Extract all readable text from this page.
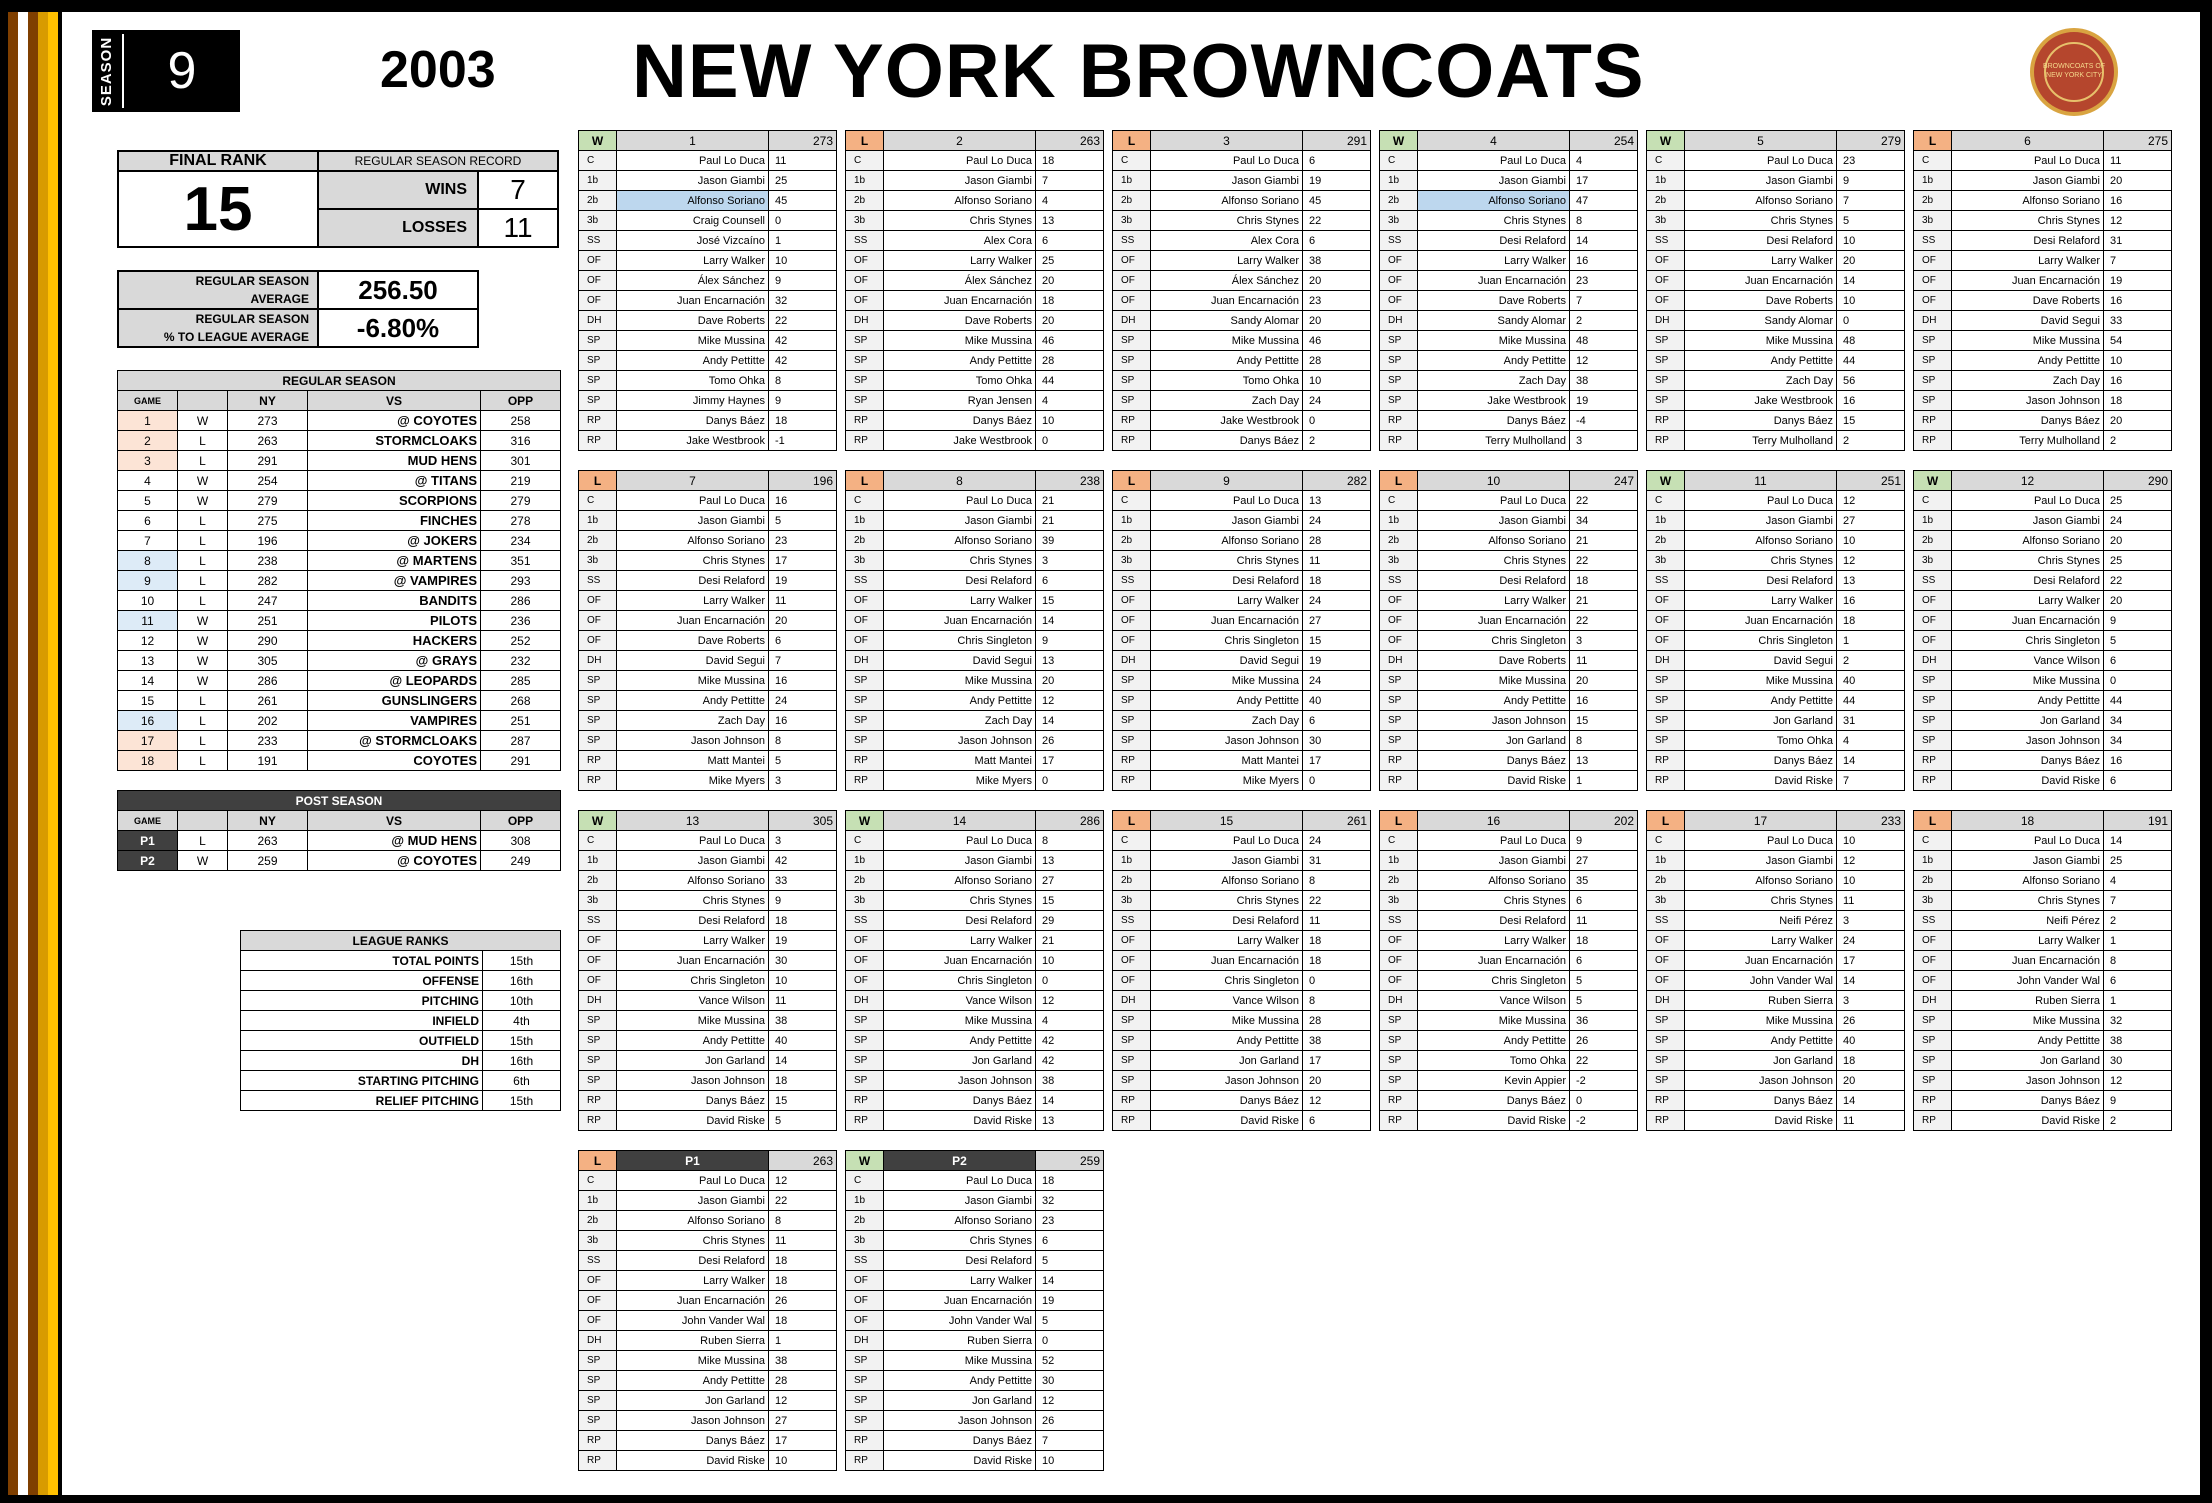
SEASON	9	2003 NEW YORK BROWNCOATS	BROWNCOATS OF NEW YORK CITY
FINAL RANK	REGULAR SEASON RECORD	
15	WINS	7
	LOSSES	11
REGULAR SEASON
AVERAGE	256.50

REGULAR SEASON
% TO LEAGUE AVERAGE	-6.80%
REGULAR SEASON				
GAME		NY	VS	OPP
1	W	273	@ COYOTES	258
2	L	263	STORMCLOAKS	316
3	L	291	MUD HENS	301
4	W	254	@ TITANS	219
5	W	279	SCORPIONS	279
6	L	275	FINCHES	278
7	L	196	@ JOKERS	234
8	L	238	@ MARTENS	351
9	L	282	@ VAMPIRES	293
10	L	247	BANDITS	286
11	W	251	PILOTS	236
12	W	290	HACKERS	252
13	W	305	@ GRAYS	232
14	W	286	@ LEOPARDS	285
15	L	261	GUNSLINGERS	268
16	L	202	VAMPIRES	251
17	L	233	@ STORMCLOAKS	287
18	L	191	COYOTES	291
POST SEASON				
GAME		NY	VS	OPP
P1	L	263	@ MUD HENS	308
P2	W	259	@ COYOTES	249
LEAGUE RANKS	
TOTAL POINTS	15th
OFFENSE	16th
PITCHING	10th
INFIELD	4th
OUTFIELD	15th
DH	16th
STARTING PITCHING	6th
RELIEF PITCHING	15th
W	1	273
C	Paul Lo Duca	11
1b	Jason Giambi	25
2b	Alfonso Soriano	45
3b	Craig Counsell	0
SS	José Vizcaíno	1
OF	Larry Walker	10
OF	Álex Sánchez	9
OF	Juan Encarnación	32
DH	Dave Roberts	22
SP	Mike Mussina	42
SP	Andy Pettitte	42
SP	Tomo Ohka	8
SP	Jimmy Haynes	9
RP	Danys Báez	18
RP	Jake Westbrook	-1
L	2	263
C	Paul Lo Duca	18
1b	Jason Giambi	7
2b	Alfonso Soriano	4
3b	Chris Stynes	13
SS	Alex Cora	6
OF	Larry Walker	25
OF	Álex Sánchez	20
OF	Juan Encarnación	18
DH	Dave Roberts	20
SP	Mike Mussina	46
SP	Andy Pettitte	28
SP	Tomo Ohka	44
SP	Ryan Jensen	4
RP	Danys Báez	10
RP	Jake Westbrook	0
L	3	291
C	Paul Lo Duca	6
1b	Jason Giambi	19
2b	Alfonso Soriano	45
3b	Chris Stynes	22
SS	Alex Cora	6
OF	Larry Walker	38
OF	Álex Sánchez	20
OF	Juan Encarnación	23
DH	Sandy Alomar	20
SP	Mike Mussina	46
SP	Andy Pettitte	28
SP	Tomo Ohka	10
SP	Zach Day	24
RP	Jake Westbrook	0
RP	Danys Báez	2
W	4	254
C	Paul Lo Duca	4
1b	Jason Giambi	17
2b	Alfonso Soriano	47
3b	Chris Stynes	8
SS	Desi Relaford	14
OF	Larry Walker	16
OF	Juan Encarnación	23
OF	Dave Roberts	7
DH	Sandy Alomar	2
SP	Mike Mussina	48
SP	Andy Pettitte	12
SP	Zach Day	38
SP	Jake Westbrook	19
RP	Danys Báez	-4
RP	Terry Mulholland	3
W	5	279
C	Paul Lo Duca	23
1b	Jason Giambi	9
2b	Alfonso Soriano	7
3b	Chris Stynes	5
SS	Desi Relaford	10
OF	Larry Walker	20
OF	Juan Encarnación	14
OF	Dave Roberts	10
DH	Sandy Alomar	0
SP	Mike Mussina	48
SP	Andy Pettitte	44
SP	Zach Day	56
SP	Jake Westbrook	16
RP	Danys Báez	15
RP	Terry Mulholland	2
L	6	275
C	Paul Lo Duca	11
1b	Jason Giambi	20
2b	Alfonso Soriano	16
3b	Chris Stynes	12
SS	Desi Relaford	31
OF	Larry Walker	7
OF	Juan Encarnación	19
OF	Dave Roberts	16
DH	David Segui	33
SP	Mike Mussina	54
SP	Andy Pettitte	10
SP	Zach Day	16
SP	Jason Johnson	18
RP	Danys Báez	20
RP	Terry Mulholland	2
L	7	196
C	Paul Lo Duca	16
1b	Jason Giambi	5
2b	Alfonso Soriano	23
3b	Chris Stynes	17
SS	Desi Relaford	19
OF	Larry Walker	11
OF	Juan Encarnación	20
OF	Dave Roberts	6
DH	David Segui	7
SP	Mike Mussina	16
SP	Andy Pettitte	24
SP	Zach Day	16
SP	Jason Johnson	8
RP	Matt Mantei	5
RP	Mike Myers	3
L	8	238
C	Paul Lo Duca	21
1b	Jason Giambi	21
2b	Alfonso Soriano	39
3b	Chris Stynes	3
SS	Desi Relaford	6
OF	Larry Walker	15
OF	Juan Encarnación	14
OF	Chris Singleton	9
DH	David Segui	13
SP	Mike Mussina	20
SP	Andy Pettitte	12
SP	Zach Day	14
SP	Jason Johnson	26
RP	Matt Mantei	17
RP	Mike Myers	0
L	9	282
C	Paul Lo Duca	13
1b	Jason Giambi	24
2b	Alfonso Soriano	28
3b	Chris Stynes	11
SS	Desi Relaford	18
OF	Larry Walker	24
OF	Juan Encarnación	27
OF	Chris Singleton	15
DH	David Segui	19
SP	Mike Mussina	24
SP	Andy Pettitte	40
SP	Zach Day	6
SP	Jason Johnson	30
RP	Matt Mantei	17
RP	Mike Myers	0
L	10	247
C	Paul Lo Duca	22
1b	Jason Giambi	34
2b	Alfonso Soriano	21
3b	Chris Stynes	22
SS	Desi Relaford	18
OF	Larry Walker	21
OF	Juan Encarnación	22
OF	Chris Singleton	3
DH	Dave Roberts	11
SP	Mike Mussina	20
SP	Andy Pettitte	16
SP	Jason Johnson	15
SP	Jon Garland	8
RP	Danys Báez	13
RP	David Riske	1
W	11	251
C	Paul Lo Duca	12
1b	Jason Giambi	27
2b	Alfonso Soriano	10
3b	Chris Stynes	12
SS	Desi Relaford	13
OF	Larry Walker	16
OF	Juan Encarnación	18
OF	Chris Singleton	1
DH	David Segui	2
SP	Mike Mussina	40
SP	Andy Pettitte	44
SP	Jon Garland	31
SP	Tomo Ohka	4
RP	Danys Báez	14
RP	David Riske	7
W	12	290
C	Paul Lo Duca	25
1b	Jason Giambi	24
2b	Alfonso Soriano	20
3b	Chris Stynes	25
SS	Desi Relaford	22
OF	Larry Walker	20
OF	Juan Encarnación	9
OF	Chris Singleton	5
DH	Vance Wilson	6
SP	Mike Mussina	0
SP	Andy Pettitte	44
SP	Jon Garland	34
SP	Jason Johnson	34
RP	Danys Báez	16
RP	David Riske	6
W	13	305
C	Paul Lo Duca	3
1b	Jason Giambi	42
2b	Alfonso Soriano	33
3b	Chris Stynes	9
SS	Desi Relaford	18
OF	Larry Walker	19
OF	Juan Encarnación	30
OF	Chris Singleton	10
DH	Vance Wilson	11
SP	Mike Mussina	38
SP	Andy Pettitte	40
SP	Jon Garland	14
SP	Jason Johnson	18
RP	Danys Báez	15
RP	David Riske	5
W	14	286
C	Paul Lo Duca	8
1b	Jason Giambi	13
2b	Alfonso Soriano	27
3b	Chris Stynes	15
SS	Desi Relaford	29
OF	Larry Walker	21
OF	Juan Encarnación	10
OF	Chris Singleton	0
DH	Vance Wilson	12
SP	Mike Mussina	4
SP	Andy Pettitte	42
SP	Jon Garland	42
SP	Jason Johnson	38
RP	Danys Báez	14
RP	David Riske	13
L	15	261
C	Paul Lo Duca	24
1b	Jason Giambi	31
2b	Alfonso Soriano	8
3b	Chris Stynes	22
SS	Desi Relaford	11
OF	Larry Walker	18
OF	Juan Encarnación	18
OF	Chris Singleton	0
DH	Vance Wilson	8
SP	Mike Mussina	28
SP	Andy Pettitte	38
SP	Jon Garland	17
SP	Jason Johnson	20
RP	Danys Báez	12
RP	David Riske	6
L	16	202
C	Paul Lo Duca	9
1b	Jason Giambi	27
2b	Alfonso Soriano	35
3b	Chris Stynes	6
SS	Desi Relaford	11
OF	Larry Walker	18
OF	Juan Encarnación	6
OF	Chris Singleton	5
DH	Vance Wilson	5
SP	Mike Mussina	36
SP	Andy Pettitte	26
SP	Tomo Ohka	22
SP	Kevin Appier	-2
RP	Danys Báez	0
RP	David Riske	-2
L	17	233
C	Paul Lo Duca	10
1b	Jason Giambi	12
2b	Alfonso Soriano	10
3b	Chris Stynes	11
SS	Neifi Pérez	3
OF	Larry Walker	24
OF	Juan Encarnación	17
OF	John Vander Wal	14
DH	Ruben Sierra	3
SP	Mike Mussina	26
SP	Andy Pettitte	40
SP	Jon Garland	18
SP	Jason Johnson	20
RP	Danys Báez	14
RP	David Riske	11
L	18	191
C	Paul Lo Duca	14
1b	Jason Giambi	25
2b	Alfonso Soriano	4
3b	Chris Stynes	7
SS	Neifi Pérez	2
OF	Larry Walker	1
OF	Juan Encarnación	8
OF	John Vander Wal	6
DH	Ruben Sierra	1
SP	Mike Mussina	32
SP	Andy Pettitte	38
SP	Jon Garland	30
SP	Jason Johnson	12
RP	Danys Báez	9
RP	David Riske	2
L	P1	263
C	Paul Lo Duca	12
1b	Jason Giambi	22
2b	Alfonso Soriano	8
3b	Chris Stynes	11
SS	Desi Relaford	18
OF	Larry Walker	18
OF	Juan Encarnación	26
OF	John Vander Wal	18
DH	Ruben Sierra	1
SP	Mike Mussina	38
SP	Andy Pettitte	28
SP	Jon Garland	12
SP	Jason Johnson	27
RP	Danys Báez	17
RP	David Riske	10
W	P2	259
C	Paul Lo Duca	18
1b	Jason Giambi	32
2b	Alfonso Soriano	23
3b	Chris Stynes	6
SS	Desi Relaford	5
OF	Larry Walker	14
OF	Juan Encarnación	19
OF	John Vander Wal	5
DH	Ruben Sierra	0
SP	Mike Mussina	52
SP	Andy Pettitte	30
SP	Jon Garland	12
SP	Jason Johnson	26
RP	Danys Báez	7
RP	David Riske	10
